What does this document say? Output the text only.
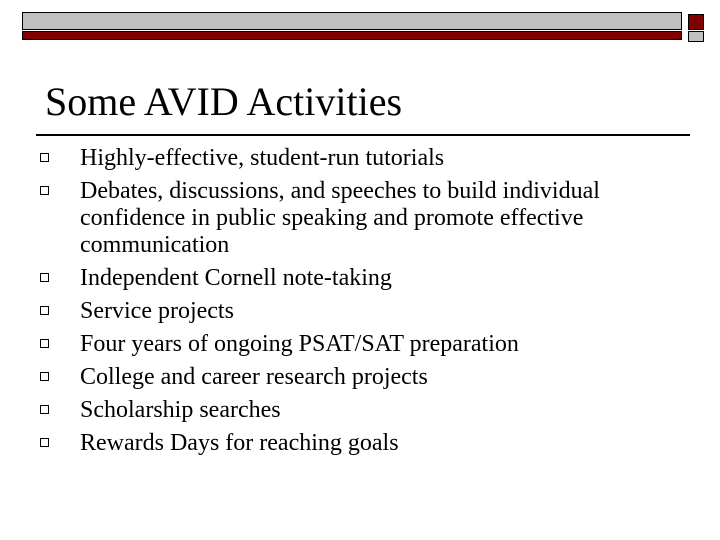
Some AVID Activities
Highly-effective, student-run tutorials
Debates, discussions, and speeches to build individual confidence in public speaking and promote effective communication
Independent Cornell note-taking
Service projects
Four years of ongoing PSAT/SAT preparation
College and career research projects
Scholarship searches
Rewards Days for reaching goals
